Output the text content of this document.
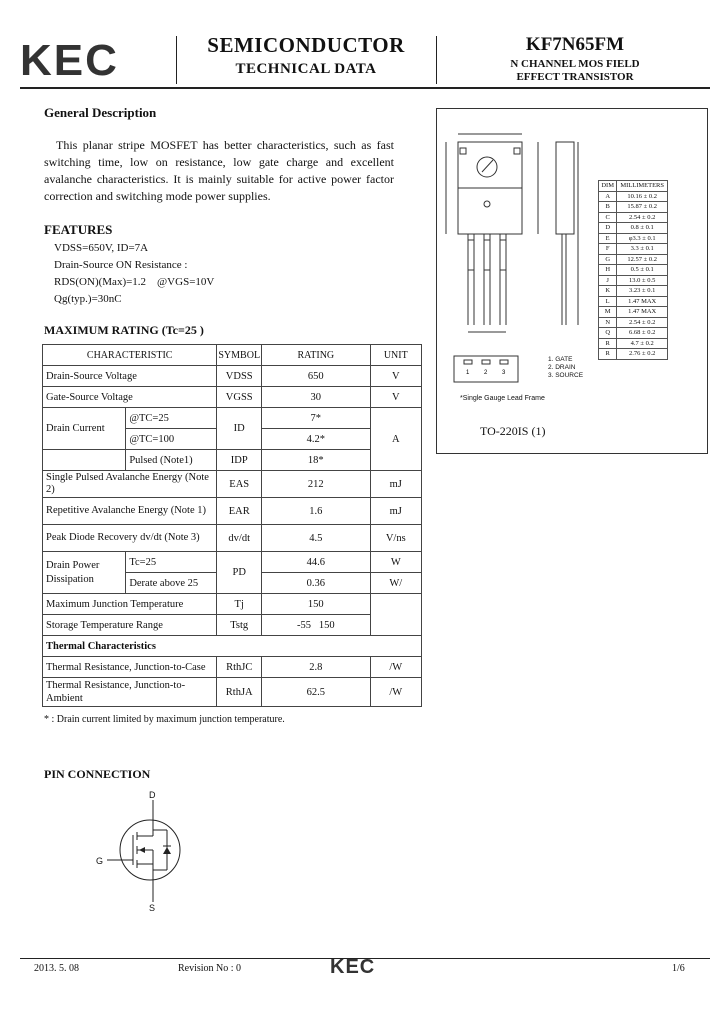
KEC	SEMICONDUCTOR
TECHNICAL DATA
KF7N65FM
N CHANNEL MOS FIELD
EFFECT TRANSISTOR
General Description
This planar stripe MOSFET has better characteristics, such as fast switching time, low on resistance, low gate charge and excellent avalanche characteristics. It is mainly suitable for active power factor correction and switching mode power supplies.
FEATURES
VDSS=650V, ID=7A
Drain-Source ON Resistance :
RDS(ON)(Max)=1.2    @VGS=10V
Qg(typ.)=30nC
MAXIMUM RATING (Tc=25 )
CHARACTERISTIC		SYMBOL	RATING	UNIT
Drain-Source Voltage		VDSS	650	V
Gate-Source Voltage		VGSS	30	V
Drain Current	@TC=25	ID	7*	A
	@TC=100		4.2*	
	Pulsed (Note1)	IDP	18*	
Single Pulsed Avalanche Energy (Note 2)		EAS	212	mJ
Repetitive Avalanche Energy (Note 1)		EAR	1.6	mJ
Peak Diode Recovery dv/dt (Note 3)		dv/dt	4.5	V/ns
Drain Power Dissipation	Tc=25	PD	44.6	W
	Derate above 25		0.36	W/
Maximum Junction Temperature		Tj	150	
Storage Temperature Range		Tstg	-55   150	
Thermal Characteristics				
Thermal Resistance, Junction-to-Case		RthJC	2.8	/W
Thermal Resistance, Junction-to-Ambient		RthJA	62.5	/W
* : Drain current limited by maximum junction temperature.
1 2 3
1. GATE
2. DRAIN
3. SOURCE
*Single Gauge Lead Frame
TO-220IS (1)
DIM	MILLIMETERS
A	10.16 ± 0.2
B	15.87 ± 0.2
C	2.54 ± 0.2
D	0.8 ± 0.1
E	φ3.3 ± 0.1
F	3.3 ± 0.1
G	12.57 ± 0.2
H	0.5 ± 0.1
J	13.0 ± 0.5
K	3.23 ± 0.1
L	1.47 MAX
M	1.47 MAX
N	2.54 ± 0.2
Q	6.68 ± 0.2
R	4.7 ± 0.2
R	2.76 ± 0.2
PIN CONNECTION
D
G
S
2013. 5. 08	Revision No : 0	KEC	1/6
